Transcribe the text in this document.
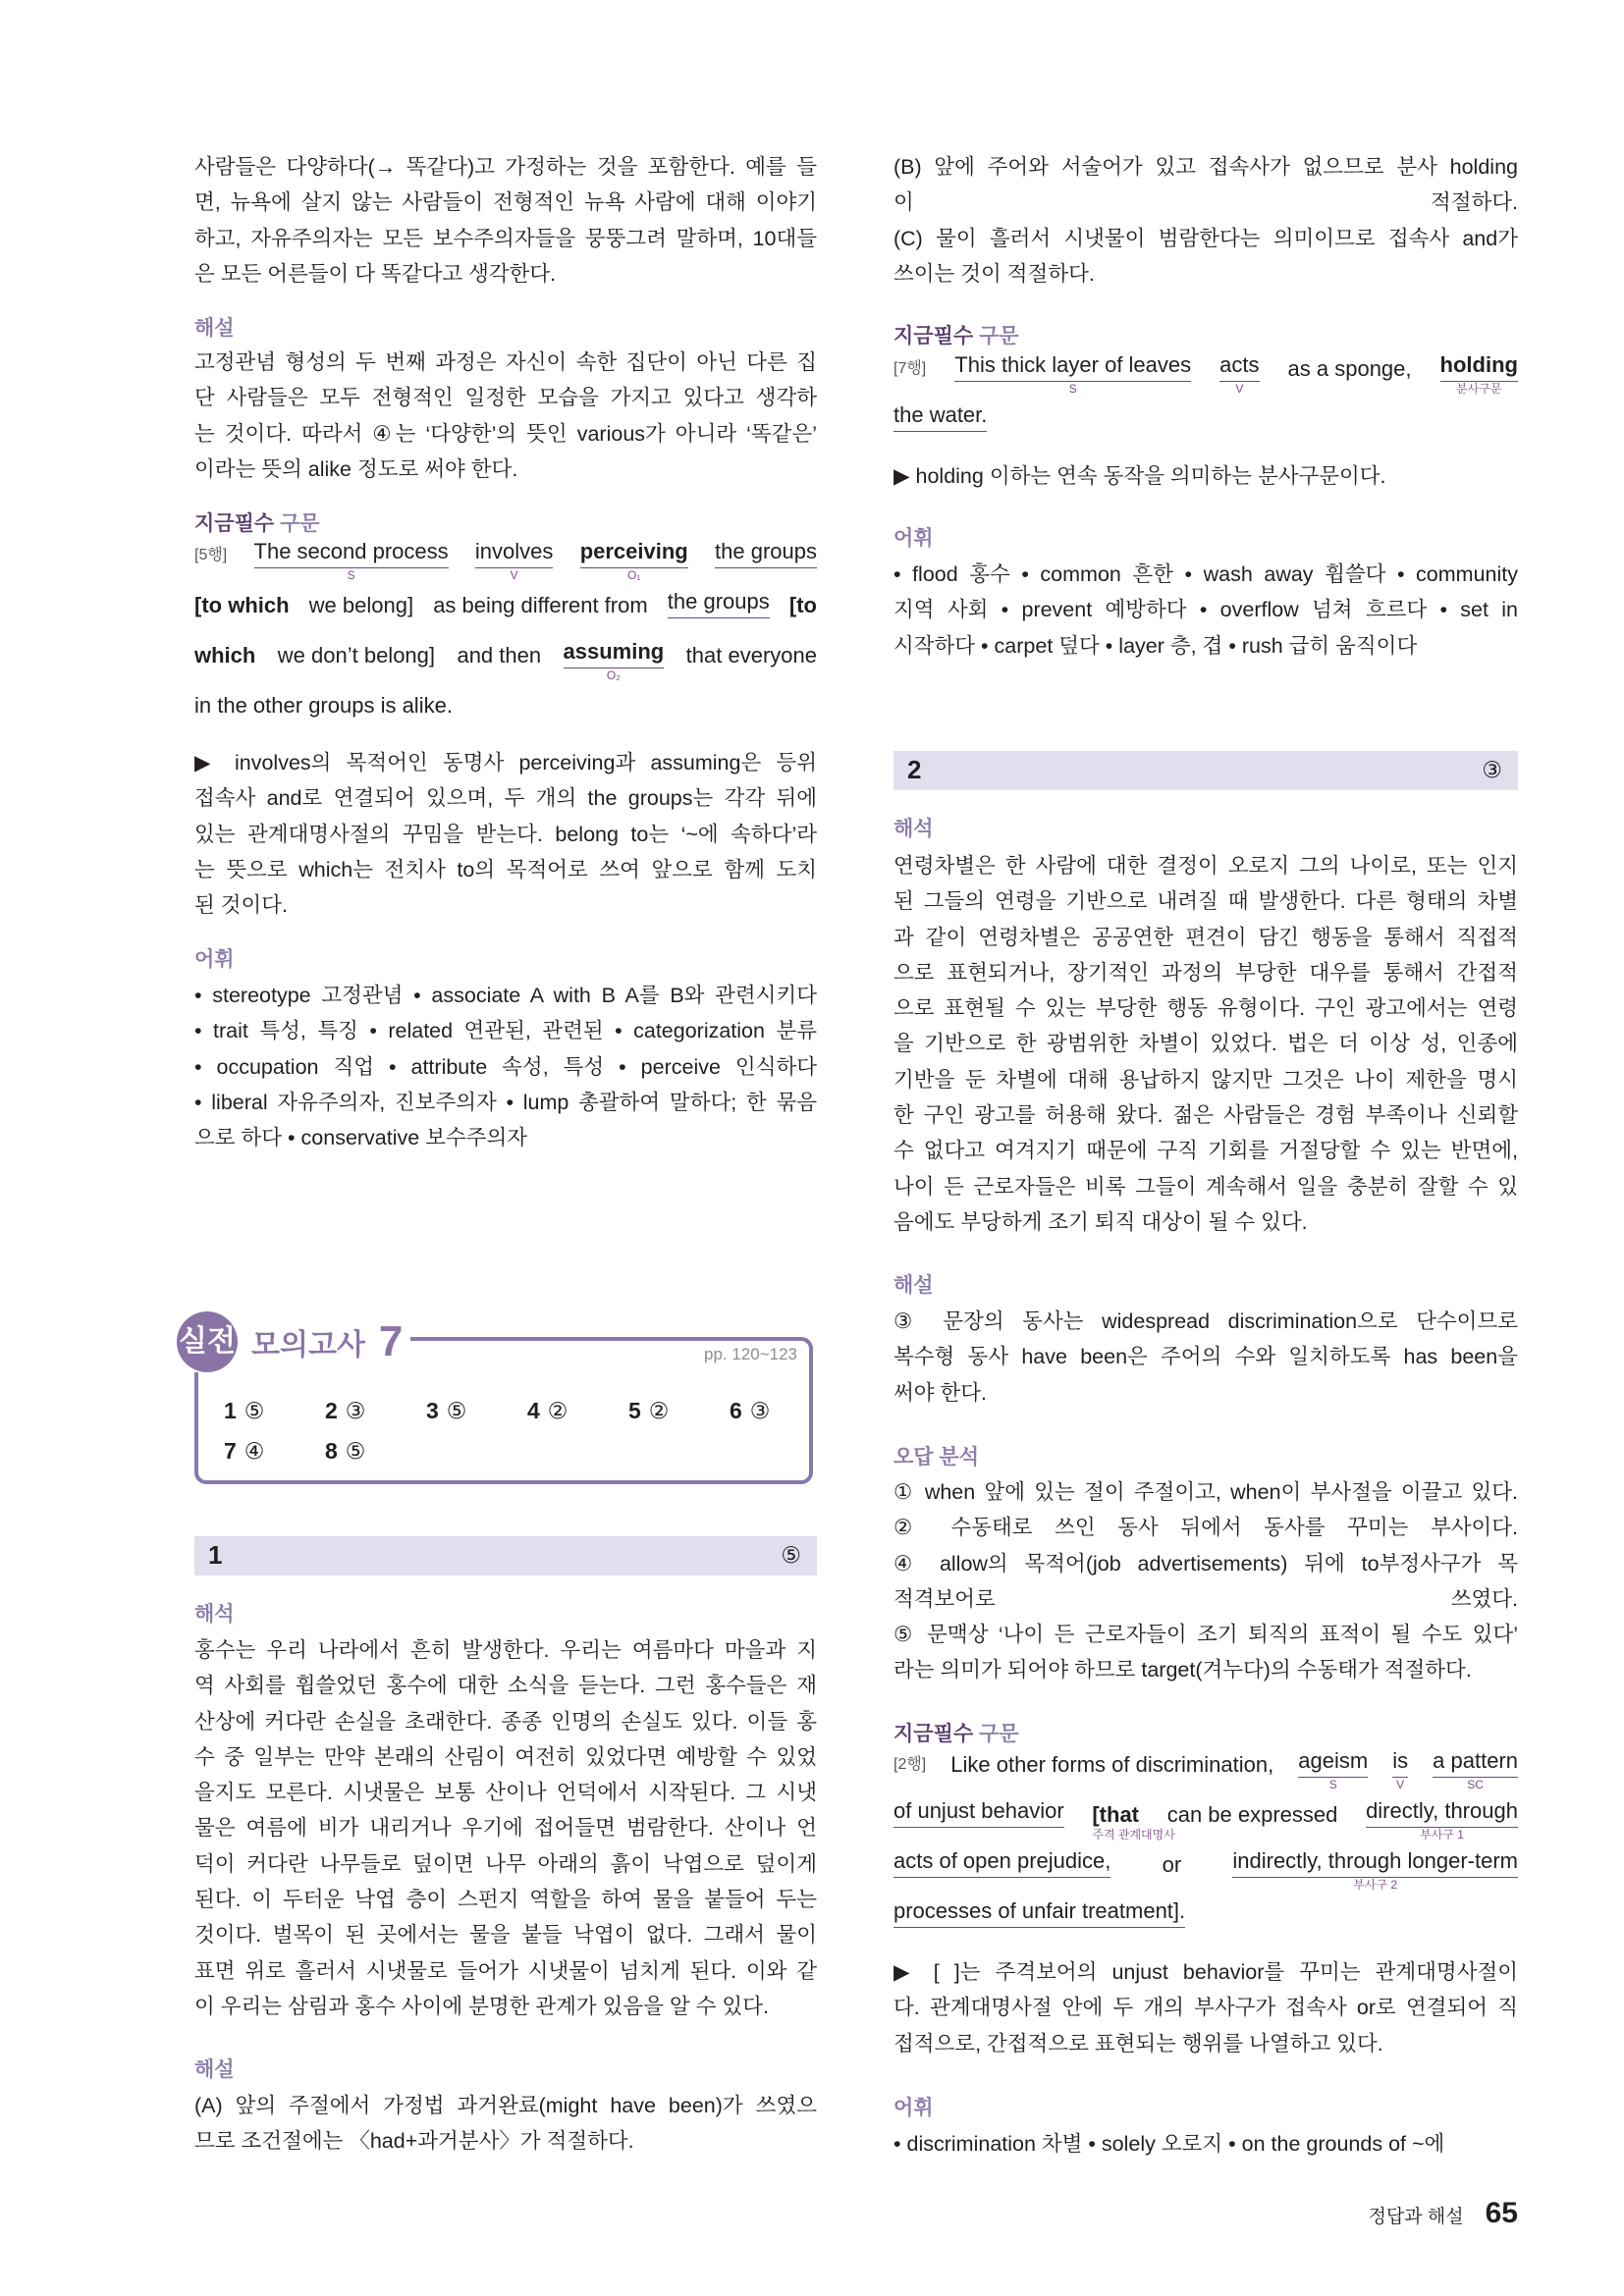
사람들은 다양하다(→ 똑같다)고 가정하는 것을 포함한다. 예를 들
면, 뉴욕에 살지 않는 사람들이 전형적인 뉴욕 사람에 대해 이야기
하고, 자유주의자는 모든 보수주의자들을 뭉뚱그려 말하며, 10대들
은 모든 어른들이 다 똑같다고 생각한다.
해설
고정관념 형성의 두 번째 과정은 자신이 속한 집단이 아닌 다른 집
단 사람들은 모두 전형적인 일정한 모습을 가지고 있다고 생각하
는 것이다. 따라서 ④는 ‘다양한’의 뜻인 various가 아니라 ‘똑같은’
이라는 뜻의 alike 정도로 써야 한다.
지금필수 구문
[5행] The second process
S
involves
V
perceiving
O₁
the groups
[to which we belong] as being different from the groups [to
which we don’t belong] and then assuming
O₂
that everyone
in the other groups is alike.
▶ involves의 목적어인 동명사 perceiving과 assuming은 등위
접속사 and로 연결되어 있으며, 두 개의 the groups는 각각 뒤에
있는 관계대명사절의 꾸밈을 받는다. belong to는 ‘~에 속하다’라
는 뜻으로 which는 전치사 to의 목적어로 쓰여 앞으로 함께 도치
된 것이다.
어휘
• stereotype 고정관념 • associate A with B A를 B와 관련시키다
• trait 특성, 특징 • related 연관된, 관련된 • categorization 분류
• occupation 직업 • attribute 속성, 특성 • perceive 인식하다
• liberal 자유주의자, 진보주의자 • lump 총괄하여 말하다; 한 묶음
으로 하다 • conservative 보수주의자
실전 모의고사 7	pp. 120~123
1 ⑤	2 ③	3 ⑤	4 ②	5 ②	6 ③
7 ④	8 ⑤
1	⑤
해석
홍수는 우리 나라에서 흔히 발생한다. 우리는 여름마다 마을과 지
역 사회를 휩쓸었던 홍수에 대한 소식을 듣는다. 그런 홍수들은 재
산상에 커다란 손실을 초래한다. 종종 인명의 손실도 있다. 이들 홍
수 중 일부는 만약 본래의 산림이 여전히 있었다면 예방할 수 있었
을지도 모른다. 시냇물은 보통 산이나 언덕에서 시작된다. 그 시냇
물은 여름에 비가 내리거나 우기에 접어들면 범람한다. 산이나 언
덕이 커다란 나무들로 덮이면 나무 아래의 흙이 낙엽으로 덮이게
된다. 이 두터운 낙엽 층이 스펀지 역할을 하여 물을 붙들어 두는
것이다. 벌목이 된 곳에서는 물을 붙들 낙엽이 없다. 그래서 물이
표면 위로 흘러서 시냇물로 들어가 시냇물이 넘치게 된다. 이와 같
이 우리는 삼림과 홍수 사이에 분명한 관계가 있음을 알 수 있다.
해설
(A) 앞의 주절에서 가정법 과거완료(might have been)가 쓰였으
므로 조건절에는 〈had+과거분사〉가 적절하다.
(B) 앞에 주어와 서술어가 있고 접속사가 없으므로 분사 holding
이 적절하다.
(C) 물이 흘러서 시냇물이 범람한다는 의미이므로 접속사 and가
쓰이는 것이 적절하다.
지금필수 구문
[7행] This thick layer of leaves
S
acts
V
as a sponge, holding
분사구문
the water.
▶ holding 이하는 연속 동작을 의미하는 분사구문이다.
어휘
• flood 홍수 • common 흔한 • wash away 휩쓸다 • community
지역 사회 • prevent 예방하다 • overflow 넘쳐 흐르다 • set in
시작하다 • carpet 덮다 • layer 층, 겹 • rush 급히 움직이다
2	③
해석
연령차별은 한 사람에 대한 결정이 오로지 그의 나이로, 또는 인지
된 그들의 연령을 기반으로 내려질 때 발생한다. 다른 형태의 차별
과 같이 연령차별은 공공연한 편견이 담긴 행동을 통해서 직접적
으로 표현되거나, 장기적인 과정의 부당한 대우를 통해서 간접적
으로 표현될 수 있는 부당한 행동 유형이다. 구인 광고에서는 연령
을 기반으로 한 광범위한 차별이 있었다. 법은 더 이상 성, 인종에
기반을 둔 차별에 대해 용납하지 않지만 그것은 나이 제한을 명시
한 구인 광고를 허용해 왔다. 젊은 사람들은 경험 부족이나 신뢰할
수 없다고 여겨지기 때문에 구직 기회를 거절당할 수 있는 반면에,
나이 든 근로자들은 비록 그들이 계속해서 일을 충분히 잘할 수 있
음에도 부당하게 조기 퇴직 대상이 될 수 있다.
해설
③ 문장의 동사는 widespread discrimination으로 단수이므로
복수형 동사 have been은 주어의 수와 일치하도록 has been을
써야 한다.
오답 분석
① when 앞에 있는 절이 주절이고, when이 부사절을 이끌고 있다.
② 수동태로 쓰인 동사 뒤에서 동사를 꾸미는 부사이다.
④ allow의 목적어(job advertisements) 뒤에 to부정사구가 목
적격보어로 쓰였다.
⑤ 문맥상 ‘나이 든 근로자들이 조기 퇴직의 표적이 될 수도 있다’
라는 의미가 되어야 하므로 target(겨누다)의 수동태가 적절하다.
지금필수 구문
[2행] Like other forms of discrimination, ageism
S
is
V
a pattern
SC
of unjust behavior [that
주격 관계대명사
can be expressed directly, through
부사구 1
acts of open prejudice, or indirectly, through longer-term
부사구 2
processes of unfair treatment].
▶ [ ]는 주격보어의 unjust behavior를 꾸미는 관계대명사절이
다. 관계대명사절 안에 두 개의 부사구가 접속사 or로 연결되어 직
접적으로, 간접적으로 표현되는 행위를 나열하고 있다.
어휘
• discrimination 차별 • solely 오로지 • on the grounds of ~에
정답과 해설 65
